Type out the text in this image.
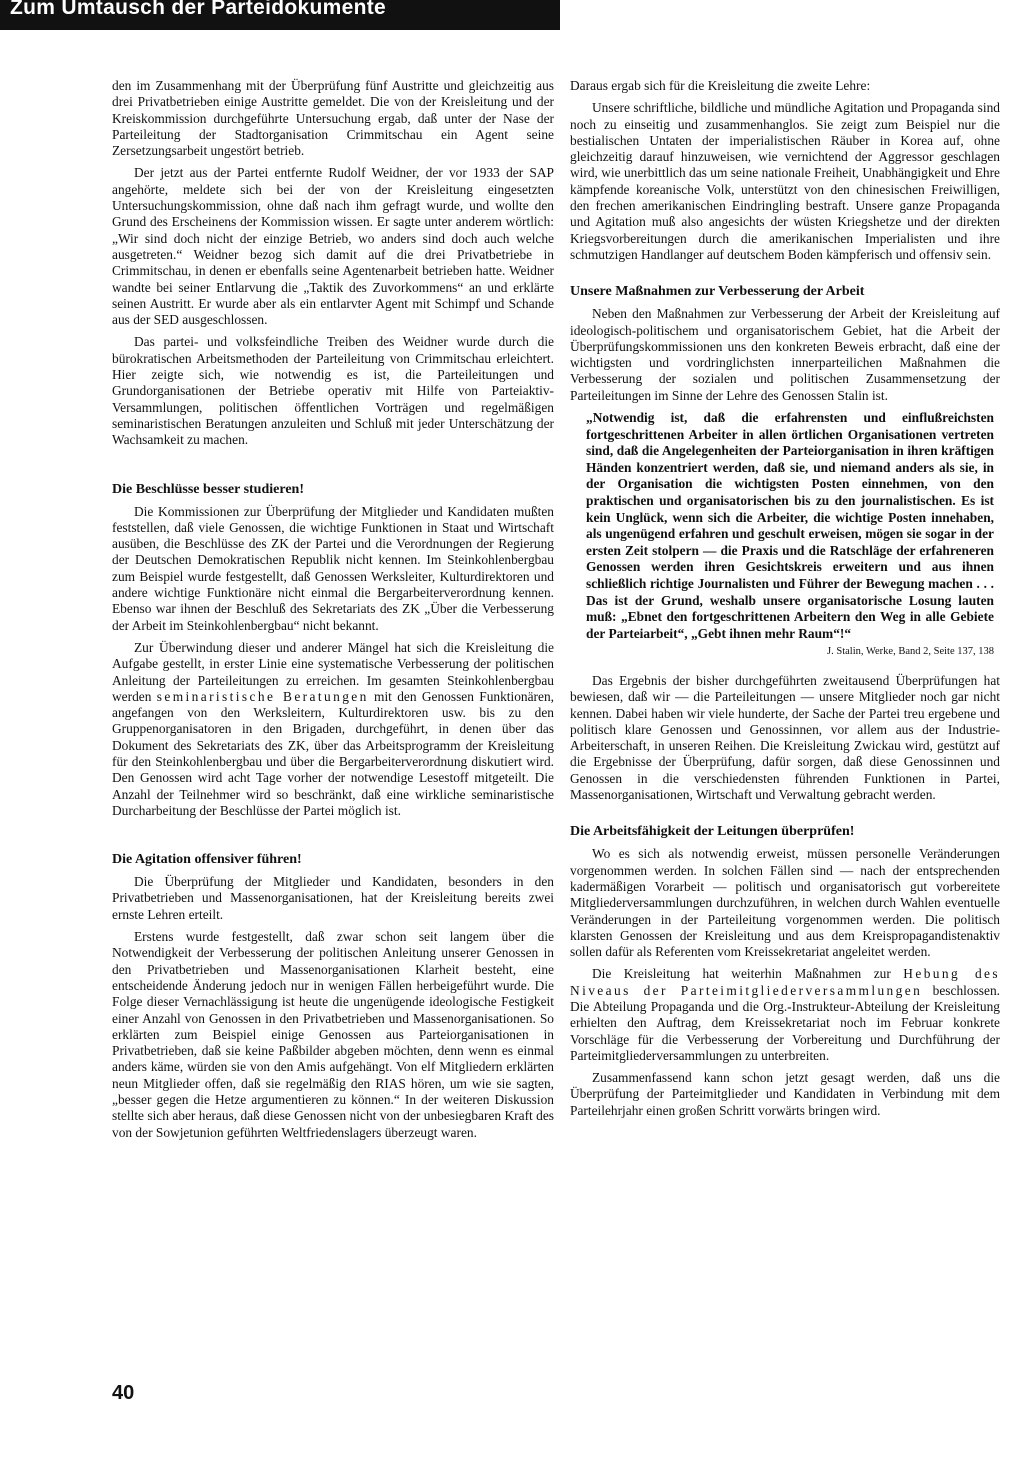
Zum Umtausch der Parteidokumente

den im Zusammenhang mit der Überprüfung fünf Austritte und gleichzeitig aus drei Privatbetrieben einige Austritte gemeldet. Die von der Kreisleitung und der Kreiskommission durchgeführte Untersuchung ergab, daß unter der Nase der Parteileitung der Stadtorganisation Crimmitschau ein Agent seine Zersetzungsarbeit ungestört betrieb.

Der jetzt aus der Partei entfernte Rudolf Weidner, der vor 1933 der SAP angehörte, meldete sich bei der von der Kreisleitung eingesetzten Untersuchungskommission, ohne daß nach ihm gefragt wurde, und wollte den Grund des Erscheinens der Kommission wissen. Er sagte unter anderem wörtlich: „Wir sind doch nicht der einzige Betrieb, wo anders sind doch auch welche ausgetreten.“ Weidner bezog sich damit auf die drei Privatbetriebe in Crimmitschau, in denen er ebenfalls seine Agentenarbeit betrieben hatte. Weidner wandte bei seiner Entlarvung die „Taktik des Zuvorkommens“ an und erklärte seinen Austritt. Er wurde aber als ein entlarvter Agent mit Schimpf und Schande aus der SED ausgeschlossen.

Das partei- und volksfeindliche Treiben des Weidner wurde durch die bürokratischen Arbeitsmethoden der Parteileitung von Crimmitschau erleichtert. Hier zeigte sich, wie notwendig es ist, die Parteileitungen und Grundorganisationen der Betriebe operativ mit Hilfe von Parteiaktiv-Versammlungen, politischen öffentlichen Vorträgen und regelmäßigen seminaristischen Beratungen anzuleiten und Schluß mit jeder Unterschätzung der Wachsamkeit zu machen.

Die Beschlüsse besser studieren!

Die Kommissionen zur Überprüfung der Mitglieder und Kandidaten mußten feststellen, daß viele Genossen, die wichtige Funktionen in Staat und Wirtschaft ausüben, die Beschlüsse des ZK der Partei und die Verordnungen der Regierung der Deutschen Demokratischen Republik nicht kennen. Im Steinkohlenbergbau zum Beispiel wurde festgestellt, daß Genossen Werksleiter, Kulturdirektoren und andere wichtige Funktionäre nicht einmal die Bergarbeiterverordnung kennen. Ebenso war ihnen der Beschluß des Sekretariats des ZK „Über die Verbesserung der Arbeit im Steinkohlenbergbau“ nicht bekannt.

Zur Überwindung dieser und anderer Mängel hat sich die Kreisleitung die Aufgabe gestellt, in erster Linie eine systematische Verbesserung der politischen Anleitung der Parteileitungen zu erreichen. Im gesamten Steinkohlenbergbau werden seminaristische Beratungen mit den Genossen Funktionären, angefangen von den Werksleitern, Kulturdirektoren usw. bis zu den Gruppenorganisatoren in den Brigaden, durchgeführt, in denen über das Dokument des Sekretariats des ZK, über das Arbeitsprogramm der Kreisleitung für den Steinkohlenbergbau und über die Bergarbeiterverordnung diskutiert wird. Den Genossen wird acht Tage vorher der notwendige Lesestoff mitgeteilt. Die Anzahl der Teilnehmer wird so beschränkt, daß eine wirkliche seminaristische Durcharbeitung der Beschlüsse der Partei möglich ist.

Die Agitation offensiver führen!

Die Überprüfung der Mitglieder und Kandidaten, besonders in den Privatbetrieben und Massenorganisationen, hat der Kreisleitung bereits zwei ernste Lehren erteilt.

Erstens wurde festgestellt, daß zwar schon seit langem über die Notwendigkeit der Verbesserung der politischen Anleitung unserer Genossen in den Privatbetrieben und Massenorganisationen Klarheit besteht, eine entscheidende Änderung jedoch nur in wenigen Fällen herbeigeführt wurde. Die Folge dieser Vernachlässigung ist heute die ungenügende ideologische Festigkeit einer Anzahl von Genossen in den Privatbetrieben und Massenorganisationen. So erklärten zum Beispiel einige Genossen aus Parteiorganisationen in Privatbetrieben, daß sie keine Paßbilder abgeben möchten, denn wenn es einmal anders käme, würden sie von den Amis aufgehängt. Von elf Mitgliedern erklärten neun Mitglieder offen, daß sie regelmäßig den RIAS hören, um wie sie sagten, „besser gegen die Hetze argumentieren zu können.“ In der weiteren Diskussion stellte sich aber heraus, daß diese Genossen nicht von der unbesiegbaren Kraft des von der Sowjetunion geführten Weltfriedenslagers überzeugt waren.

Daraus ergab sich für die Kreisleitung die zweite Lehre:

Unsere schriftliche, bildliche und mündliche Agitation und Propaganda sind noch zu einseitig und zusammenhanglos. Sie zeigt zum Beispiel nur die bestialischen Untaten der imperialistischen Räuber in Korea auf, ohne gleichzeitig darauf hinzuweisen, wie vernichtend der Aggressor geschlagen wird, wie unerbittlich das um seine nationale Freiheit, Unabhängigkeit und Ehre kämpfende koreanische Volk, unterstützt von den chinesischen Freiwilligen, den frechen amerikanischen Eindringling bestraft. Unsere ganze Propaganda und Agitation muß also angesichts der wüsten Kriegshetze und der direkten Kriegsvorbereitungen durch die amerikanischen Imperialisten und ihre schmutzigen Handlanger auf deutschem Boden kämpferisch und offensiv sein.

Unsere Maßnahmen zur Verbesserung der Arbeit

Neben den Maßnahmen zur Verbesserung der Arbeit der Kreisleitung auf ideologisch-politischem und organisatorischem Gebiet, hat die Arbeit der Überprüfungskommissionen uns den konkreten Beweis erbracht, daß eine der wichtigsten und vordringlichsten innerparteilichen Maßnahmen die Verbesserung der sozialen und politischen Zusammensetzung der Parteileitungen im Sinne der Lehre des Genossen Stalin ist.

„Notwendig ist, daß die erfahrensten und einflußreichsten fortgeschrittenen Arbeiter in allen örtlichen Organisationen vertreten sind, daß die Angelegenheiten der Parteiorganisation in ihren kräftigen Händen konzentriert werden, daß sie, und niemand anders als sie, in der Organisation die wichtigsten Posten einnehmen, von den praktischen und organisatorischen bis zu den journalistischen. Es ist kein Unglück, wenn sich die Arbeiter, die wichtige Posten innehaben, als ungenügend erfahren und geschult erweisen, mögen sie sogar in der ersten Zeit stolpern — die Praxis und die Ratschläge der erfahreneren Genossen werden ihren Gesichtskreis erweitern und aus ihnen schließlich richtige Journalisten und Führer der Bewegung machen . . . Das ist der Grund, weshalb unsere organisatorische Losung lauten muß: „Ebnet den fortgeschrittenen Arbeitern den Weg in alle Gebiete der Parteiarbeit“, „Gebt ihnen mehr Raum“!“
J. Stalin, Werke, Band 2, Seite 137, 138

Das Ergebnis der bisher durchgeführten zweitausend Überprüfungen hat bewiesen, daß wir — die Parteileitungen — unsere Mitglieder noch gar nicht kennen. Dabei haben wir viele hunderte, der Sache der Partei treu ergebene und politisch klare Genossen und Genossinnen, vor allem aus der Industrie-Arbeiterschaft, in unseren Reihen. Die Kreisleitung Zwickau wird, gestützt auf die Ergebnisse der Überprüfung, dafür sorgen, daß diese Genossinnen und Genossen in die verschiedensten führenden Funktionen in Partei, Massenorganisationen, Wirtschaft und Verwaltung gebracht werden.

Die Arbeitsfähigkeit der Leitungen überprüfen!

Wo es sich als notwendig erweist, müssen personelle Veränderungen vorgenommen werden. In solchen Fällen sind — nach der entsprechenden kadermäßigen Vorarbeit — politisch und organisatorisch gut vorbereitete Mitgliederversammlungen durchzuführen, in welchen durch Wahlen eventuelle Veränderungen in der Parteileitung vorgenommen werden. Die politisch klarsten Genossen der Kreisleitung und aus dem Kreispropagandistenaktiv sollen dafür als Referenten vom Kreissekretariat angeleitet werden.

Die Kreisleitung hat weiterhin Maßnahmen zur Hebung des Niveaus der Parteimitgliederversammlungen beschlossen. Die Abteilung Propaganda und die Org.-Instrukteur-Abteilung der Kreisleitung erhielten den Auftrag, dem Kreissekretariat noch im Februar konkrete Vorschläge für die Verbesserung der Vorbereitung und Durchführung der Parteimitgliederversammlungen zu unterbreiten.

Zusammenfassend kann schon jetzt gesagt werden, daß uns die Überprüfung der Parteimitglieder und Kandidaten in Verbindung mit dem Parteilehrjahr einen großen Schritt vorwärts bringen wird.

40
